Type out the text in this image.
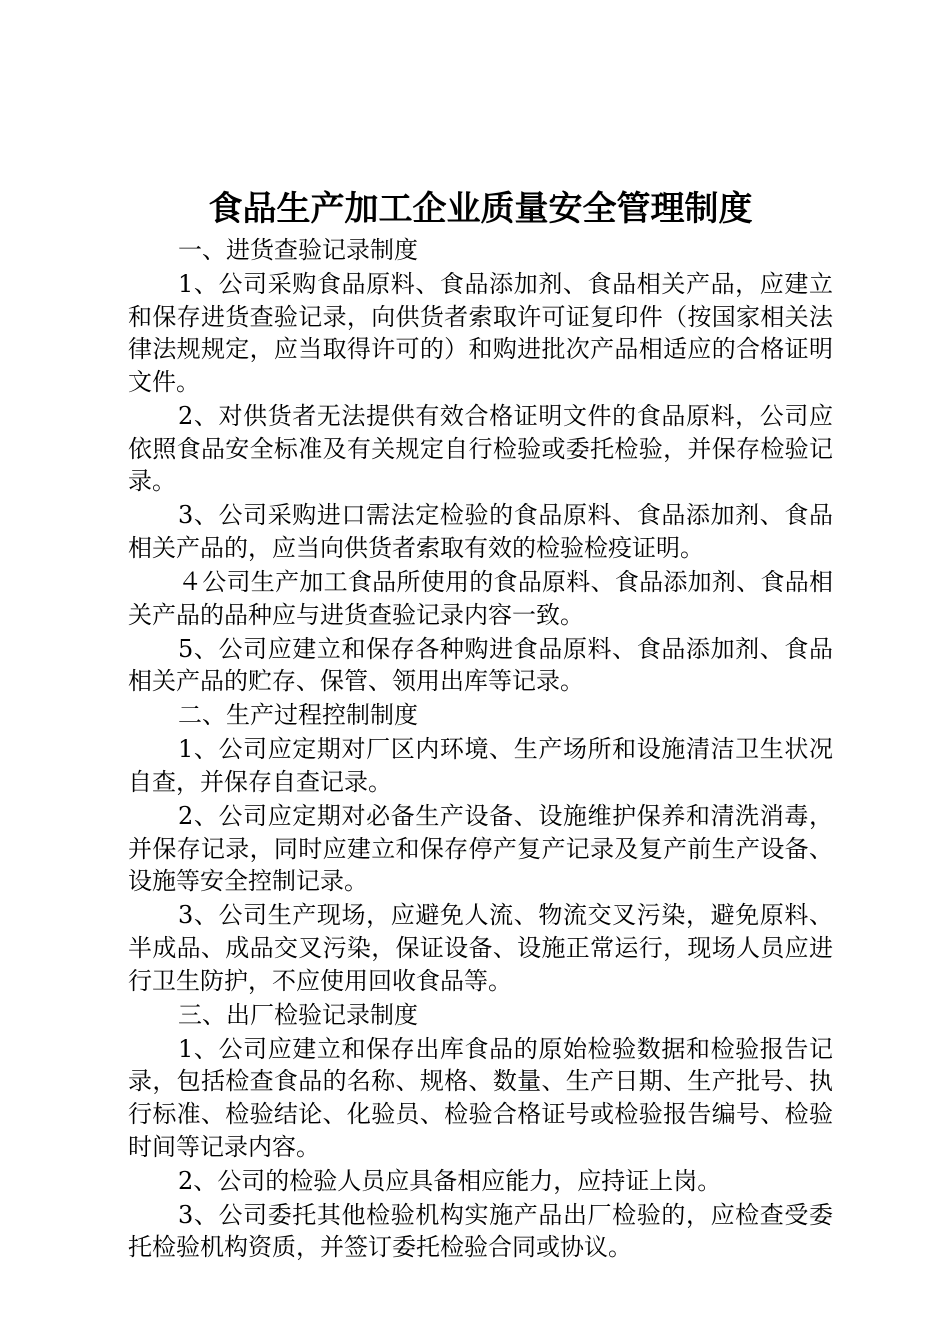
食品生产加工企业质量安全管理制度
一、进货查验记录制度
1、公司采购食品原料、食品添加剂、食品相关产品，应建立和保存进货查验记录，向供货者索取许可证复印件（按国家相关法律法规规定，应当取得许可的）和购进批次产品相适应的合格证明文件。
2、对供货者无法提供有效合格证明文件的食品原料，公司应依照食品安全标准及有关规定自行检验或委托检验，并保存检验记录。
3、公司采购进口需法定检验的食品原料、食品添加剂、食品相关产品的，应当向供货者索取有效的检验检疫证明。
４公司生产加工食品所使用的食品原料、食品添加剂、食品相关产品的品种应与进货查验记录内容一致。
5、公司应建立和保存各种购进食品原料、食品添加剂、食品相关产品的贮存、保管、领用出库等记录。
二、生产过程控制制度
1、公司应定期对厂区内环境、生产场所和设施清洁卫生状况自查，并保存自查记录。
2、公司应定期对必备生产设备、设施维护保养和清洗消毒，并保存记录，同时应建立和保存停产复产记录及复产前生产设备、设施等安全控制记录。
3、公司生产现场，应避免人流、物流交叉污染，避免原料、半成品、成品交叉污染，保证设备、设施正常运行，现场人员应进行卫生防护，不应使用回收食品等。
三、出厂检验记录制度
1、公司应建立和保存出库食品的原始检验数据和检验报告记录，包括检查食品的名称、规格、数量、生产日期、生产批号、执行标准、检验结论、化验员、检验合格证号或检验报告编号、检验时间等记录内容。
2、公司的检验人员应具备相应能力，应持证上岗。
3、公司委托其他检验机构实施产品出厂检验的，应检查受委托检验机构资质，并签订委托检验合同或协议。
